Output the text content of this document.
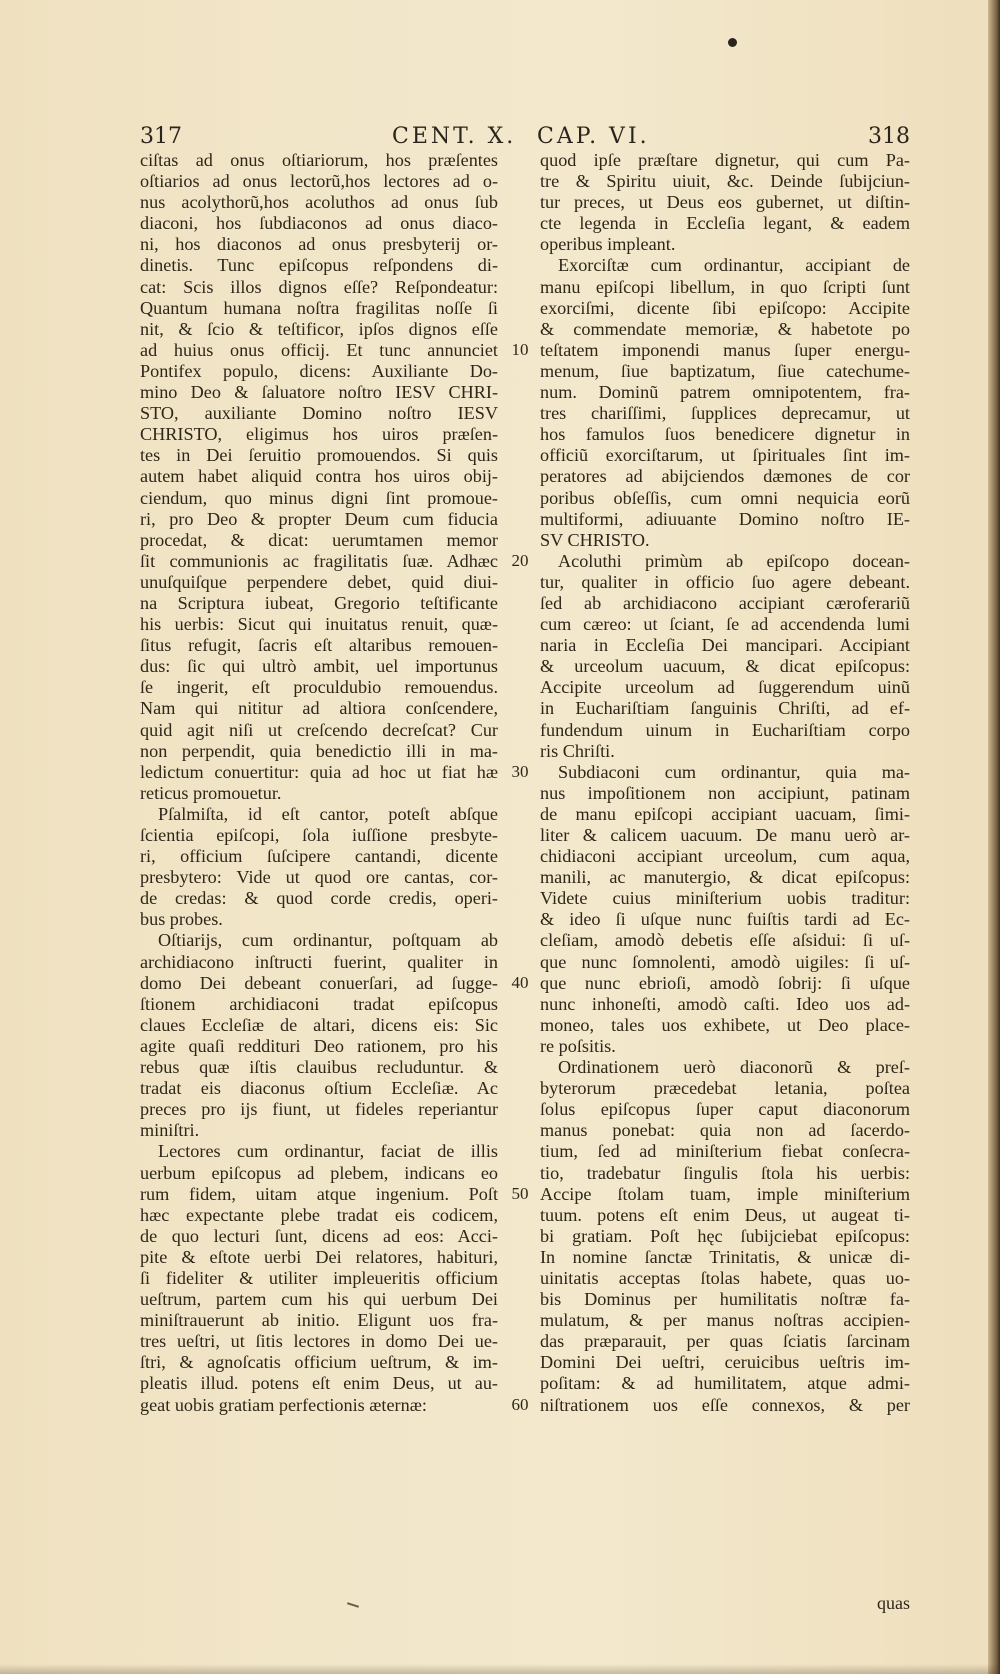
317	CENT. X. CAP. VI.	318
ciſtas ad onus oſtiariorum, hos præſentes
oſtiarios ad onus lectorũ,hos lectores ad o-
nus acolythorũ,hos acoluthos ad onus ſub
diaconi, hos ſubdiaconos ad onus diaco-
ni, hos diaconos ad onus presbyterij or-
dinetis. Tunc epiſcopus reſpondens di-
cat: Scis illos dignos eſſe? Reſpondeatur:
Quantum humana noſtra fragilitas noſſe ſi
nit, & ſcio & teſtificor, ipſos dignos eſſe
ad huius onus officij. Et tunc annunciet
Pontifex populo, dicens: Auxiliante Do-
mino Deo & ſaluatore noſtro IESV CHRI-
STO, auxiliante Domino noſtro IESV
CHRISTO, eligimus hos uiros præſen-
tes in Dei ſeruitio promouendos. Si quis
autem habet aliquid contra hos uiros obij-
ciendum, quo minus digni ſint promoue-
ri, pro Deo & propter Deum cum fiducia
procedat, & dicat: uerumtamen memor
ſit communionis ac fragilitatis ſuæ. Adhæc
unuſquiſque perpendere debet, quid diui-
na Scriptura iubeat, Gregorio teſtificante
his uerbis: Sicut qui inuitatus renuit, quæ-
ſitus refugit, ſacris eſt altaribus remouen-
dus: ſic qui ultrò ambit, uel importunus
ſe ingerit, eſt proculdubio remouendus.
Nam qui nititur ad altiora conſcendere,
quid agit niſi ut creſcendo decreſcat? Cur
non perpendit, quia benedictio illi in ma-
ledictum conuertitur: quia ad hoc ut fiat hæ
reticus promouetur.
Pſalmiſta, id eſt cantor, poteſt abſque
ſcientia epiſcopi, ſola iuſſione presbyte-
ri, officium ſuſcipere cantandi, dicente
presbytero: Vide ut quod ore cantas, cor-
de credas: & quod corde credis, operi-
bus probes.
Oſtiarijs, cum ordinantur, poſtquam ab
archidiacono inſtructi fuerint, qualiter in
domo Dei debeant conuerſari, ad ſugge-
ſtionem archidiaconi tradat epiſcopus
claues Eccleſiæ de altari, dicens eis: Sic
agite quaſi reddituri Deo rationem, pro his
rebus quæ iſtis clauibus recluduntur. &
tradat eis diaconus oſtium Eccleſiæ. Ac
preces pro ijs fiunt, ut fideles reperiantur
miniſtri.
Lectores cum ordinantur, faciat de illis
uerbum epiſcopus ad plebem, indicans eo
rum fidem, uitam atque ingenium. Poſt
hæc expectante plebe tradat eis codicem,
de quo lecturi ſunt, dicens ad eos: Acci-
pite & eſtote uerbi Dei relatores, habituri,
ſi fideliter & utiliter impleueritis officium
ueſtrum, partem cum his qui uerbum Dei
miniſtrauerunt ab initio. Eligunt uos fra-
tres ueſtri, ut ſitis lectores in domo Dei ue-
ſtri, & agnoſcatis officium ueſtrum, & im-
pleatis illud. potens eſt enim Deus, ut au-
geat uobis gratiam perfectionis æternæ:
quod ipſe præſtare dignetur, qui cum Pa-
tre & Spiritu uiuit, &c. Deinde ſubijciun-
tur preces, ut Deus eos gubernet, ut diſtin-
cte legenda in Eccleſia legant, & eadem
operibus impleant.
Exorciſtæ cum ordinantur, accipiant de
manu epiſcopi libellum, in quo ſcripti ſunt
exorciſmi, dicente ſibi epiſcopo: Accipite
& commendate memoriæ, & habetote po
teſtatem imponendi manus ſuper energu-
menum, ſiue baptizatum, ſiue catechume-
num. Dominũ patrem omnipotentem, fra-
tres chariſſimi, ſupplices deprecamur, ut
hos famulos ſuos benedicere dignetur in
officiũ exorciſtarum, ut ſpirituales ſint im-
peratores ad abijciendos dæmones de cor
poribus obſeſſis, cum omni nequicia eorũ
multiformi, adiuuante Domino noſtro IE-
SV CHRISTO.
Acoluthi primùm ab epiſcopo docean-
tur, qualiter in officio ſuo agere debeant.
ſed ab archidiacono accipiant cæroferariũ
cum cæreo: ut ſciant, ſe ad accendenda lumi
naria in Eccleſia Dei mancipari. Accipiant
& urceolum uacuum, & dicat epiſcopus:
Accipite urceolum ad ſuggerendum uinũ
in Euchariſtiam ſanguinis Chriſti, ad ef-
fundendum uinum in Euchariſtiam corpo
ris Chriſti.
Subdiaconi cum ordinantur, quia ma-
nus impoſitionem non accipiunt, patinam
de manu epiſcopi accipiant uacuam, ſimi-
liter & calicem uacuum. De manu uerò ar-
chidiaconi accipiant urceolum, cum aqua,
manili, ac manutergio, & dicat epiſcopus:
Videte cuius miniſterium uobis traditur:
& ideo ſi uſque nunc fuiſtis tardi ad Ec-
cleſiam, amodò debetis eſſe aſsidui: ſi uſ-
que nunc ſomnolenti, amodò uigiles: ſi uſ-
que nunc ebrioſi, amodò ſobrij: ſi uſque
nunc inhoneſti, amodò caſti. Ideo uos ad-
moneo, tales uos exhibete, ut Deo place-
re poſsitis.
Ordinationem uerò diaconorũ & preſ-
byterorum præcedebat letania, poſtea
ſolus epiſcopus ſuper caput diaconorum
manus ponebat: quia non ad ſacerdo-
tium, ſed ad miniſterium fiebat conſecra-
tio, tradebatur ſingulis ſtola his uerbis:
Accipe ſtolam tuam, imple miniſterium
tuum. potens eſt enim Deus, ut augeat ti-
bi gratiam. Poſt hęc ſubijciebat epiſcopus:
In nomine ſanctæ Trinitatis, & unicæ di-
uinitatis acceptas ſtolas habete, quas uo-
bis Dominus per humilitatis noſtræ fa-
mulatum, & per manus noſtras accipien-
das præparauit, per quas ſciatis ſarcinam
Domini Dei ueſtri, ceruicibus ueſtris im-
poſitam: & ad humilitatem, atque admi-
niſtrationem uos eſſe connexos, & per
10
20
30
40
50
60
quas
